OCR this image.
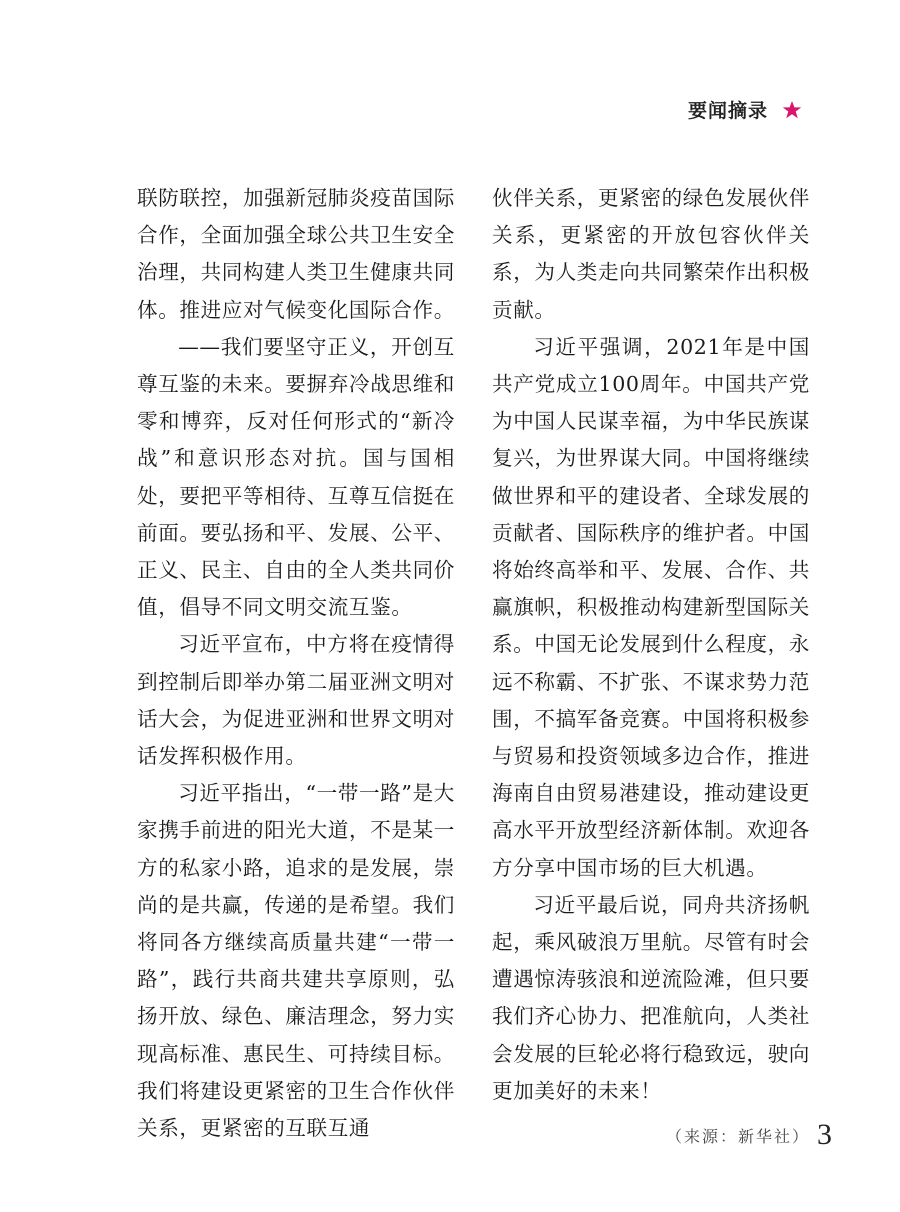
要闻摘录

联防联控，加强新冠肺炎疫苗国际合作，全面加强全球公共卫生安全治理，共同构建人类卫生健康共同体。推进应对气候变化国际合作。

——我们要坚守正义，开创互尊互鉴的未来。要摒弃冷战思维和零和博弈，反对任何形式的“新冷战”和意识形态对抗。国与国相处，要把平等相待、互尊互信挺在前面。要弘扬和平、发展、公平、正义、民主、自由的全人类共同价值，倡导不同文明交流互鉴。

习近平宣布，中方将在疫情得到控制后即举办第二届亚洲文明对话大会，为促进亚洲和世界文明对话发挥积极作用。

习近平指出，“一带一路”是大家携手前进的阳光大道，不是某一方的私家小路，追求的是发展，崇尚的是共赢，传递的是希望。我们将同各方继续高质量共建“一带一路”，践行共商共建共享原则，弘扬开放、绿色、廉洁理念，努力实现高标准、惠民生、可持续目标。我们将建设更紧密的卫生合作伙伴关系，更紧密的互联互通

伙伴关系，更紧密的绿色发展伙伴关系，更紧密的开放包容伙伴关系，为人类走向共同繁荣作出积极贡献。

习近平强调，2021年是中国共产党成立100周年。中国共产党为中国人民谋幸福，为中华民族谋复兴，为世界谋大同。中国将继续做世界和平的建设者、全球发展的贡献者、国际秩序的维护者。中国将始终高举和平、发展、合作、共赢旗帜，积极推动构建新型国际关系。中国无论发展到什么程度，永远不称霸、不扩张、不谋求势力范围，不搞军备竞赛。中国将积极参与贸易和投资领域多边合作，推进海南自由贸易港建设，推动建设更高水平开放型经济新体制。欢迎各方分享中国市场的巨大机遇。

习近平最后说，同舟共济扬帆起，乘风破浪万里航。尽管有时会遭遇惊涛骇浪和逆流险滩，但只要我们齐心协力、把准航向，人类社会发展的巨轮必将行稳致远，驶向更加美好的未来！

（来源：新华社） 3
